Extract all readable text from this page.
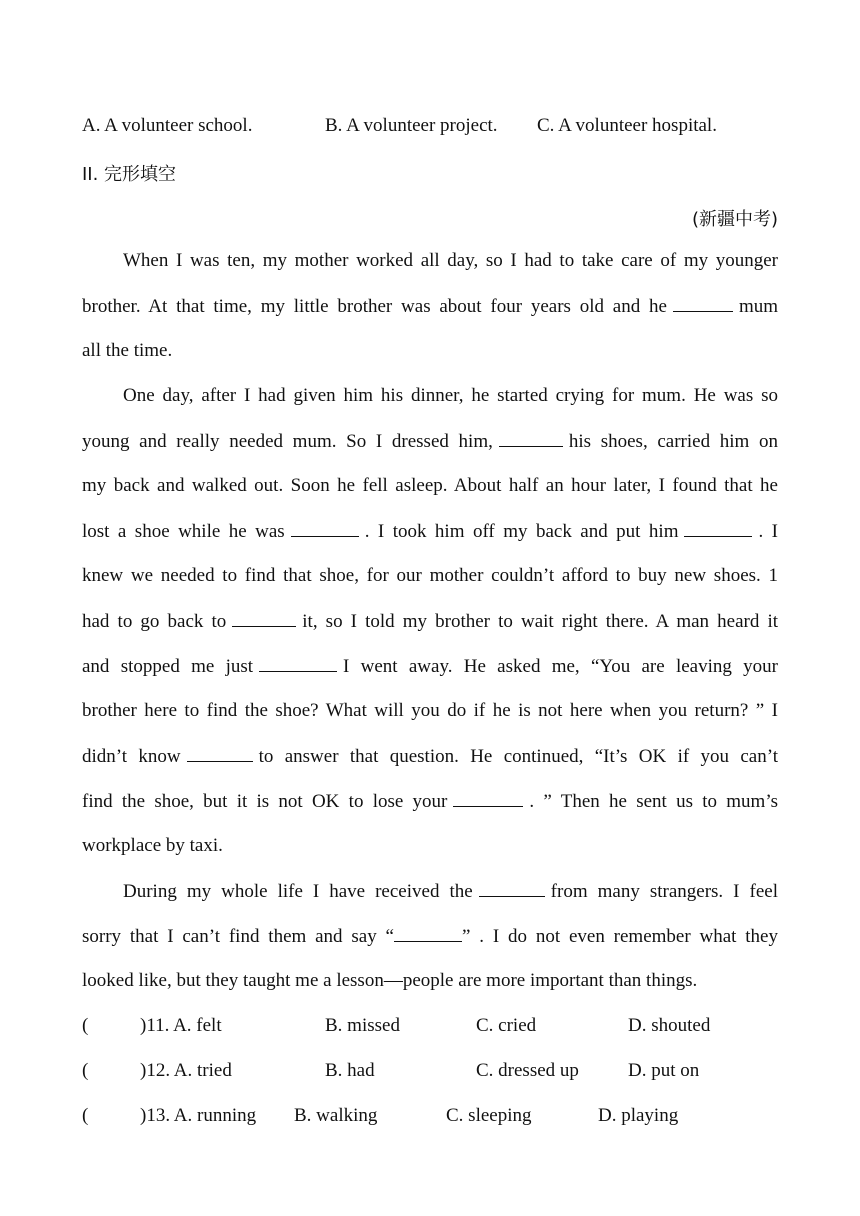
A. A volunteer school.	B. A volunteer project. C. A volunteer hospital.
II. 完形填空
(新疆中考)
When I was ten, my mother worked all day, so I had to take care of my younger
brother. At that time, my little brother was about four years old and he	mum
all the time.
One day, after I had given him his dinner, he started crying for mum. He was so
young and really needed mum. So I dressed him,	his shoes, carried him on
my back and walked out. Soon he fell asleep. About half an hour later, I found that he
lost a shoe while he was	. I took him off my back and put him	. I
knew we needed to find that shoe, for our mother couldn’t afford to buy new shoes. 1
had to go back to	it, so I told my brother to wait right there. A man heard it
and stopped me just	I went away. He asked me, “You are leaving your
brother here to find the shoe? What will you do if he is not here when you return? ” I
didn’t know	to answer that question. He continued, “It’s OK if you can’t
find the shoe, but it is not OK to lose your	. ” Then he sent us to mum’s
workplace by taxi.
During my whole life I have received the	from many strangers. I feel
sorry that I can’t find them and say “	” . I do not even remember what they
looked like, but they taught me a lesson—people are more important than things.
(	)11. A. felt	B. missed	C. cried	D. shouted
(	)12. A. tried	B. had	C. dressed up	D. put on
(	)13. A. running B. walking	C. sleeping	D. playing
